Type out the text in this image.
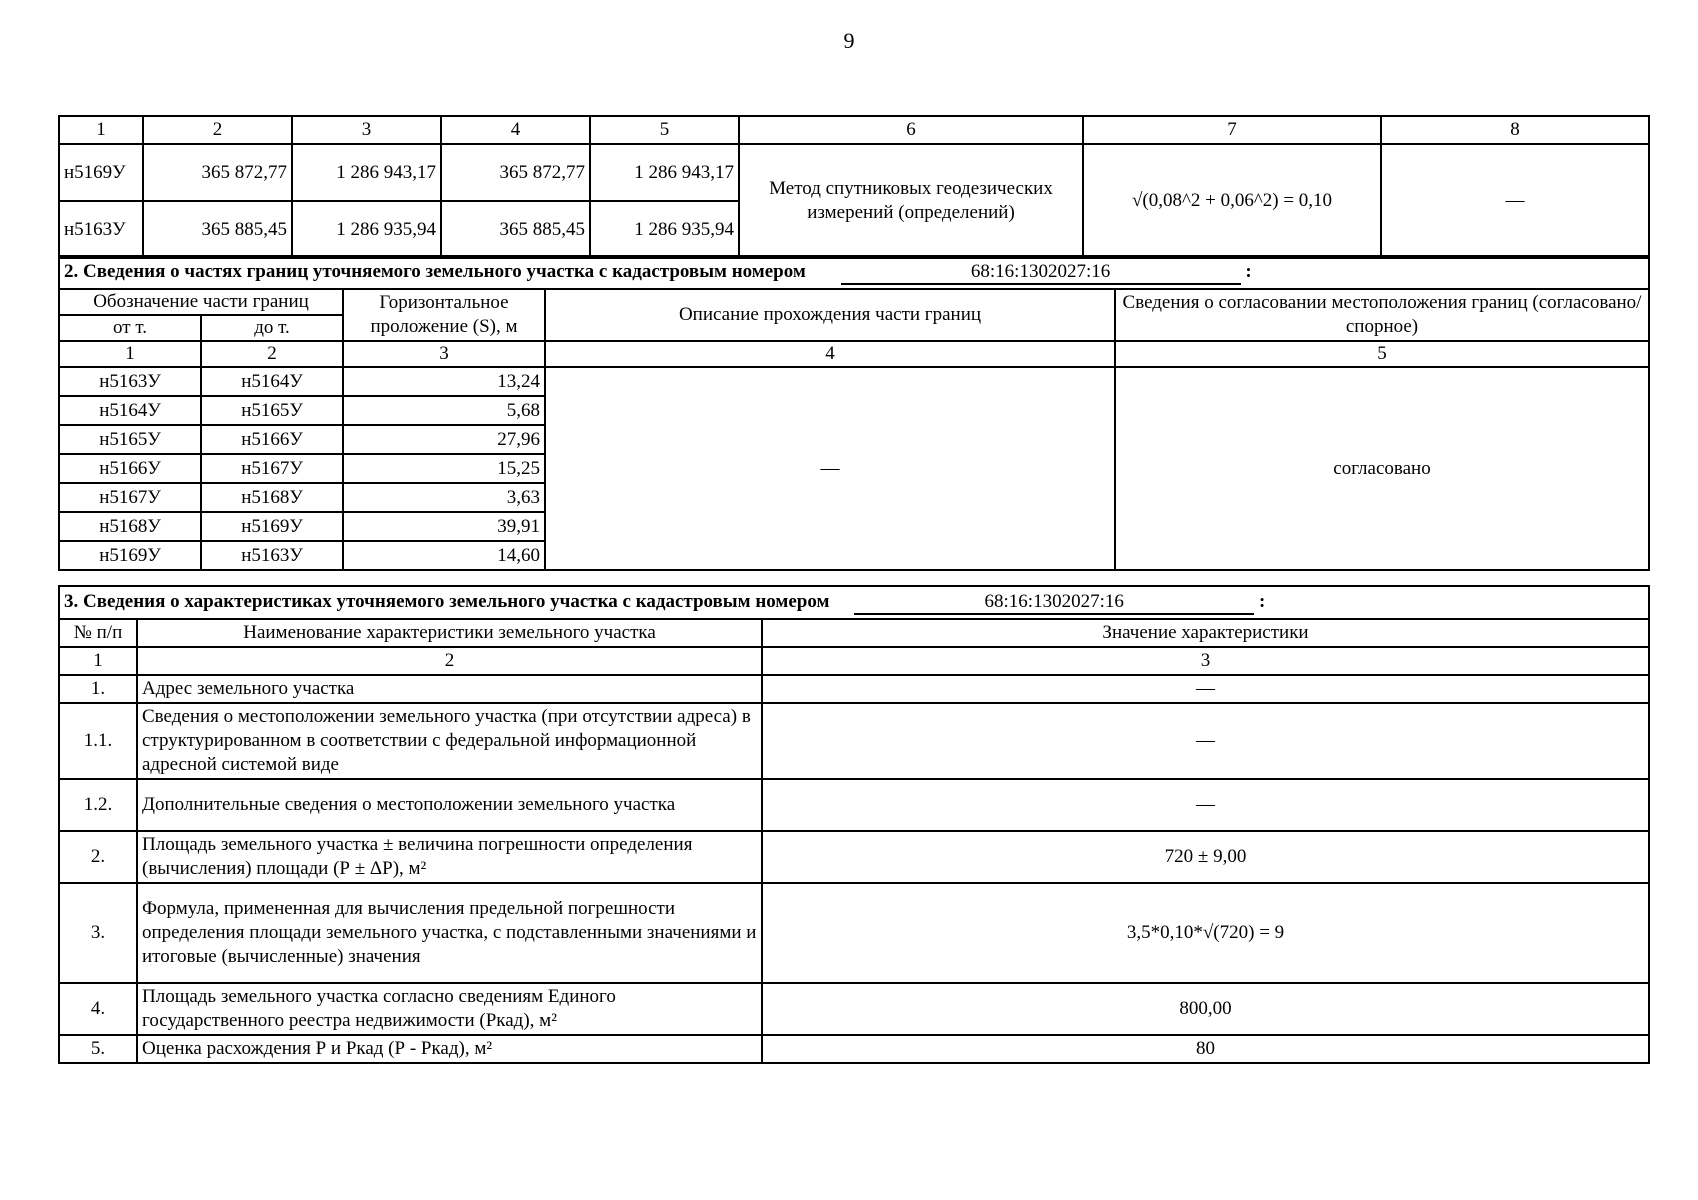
9
1	2	3	4	5	6	7	8
н5169У	365 872,77	1 286 943,17	365 872,77	1 286 943,17	Метод спутниковых геодезических измерений (определений)	√(0,08^2 + 0,06^2) = 0,10	—
н5163У	365 885,45	1 286 935,94	365 885,45	1 286 935,94			
2. Сведения о частях границ уточняемого земельного участка с кадастровым номером 68:16:1302027:16 :				
Обозначение части границ		Горизонтальное проложение (S), м	Описание прохождения части границ	Сведения о согласовании местоположения границ (согласовано/спорное)
от т.	до т.			
1	2	3	4	5
н5163У	н5164У	13,24	—	согласовано
н5164У	н5165У	5,68		
н5165У	н5166У	27,96		
н5166У	н5167У	15,25		
н5167У	н5168У	3,63		
н5168У	н5169У	39,91		
н5169У	н5163У	14,60		
3. Сведения о характеристиках уточняемого земельного участка с кадастровым номером 68:16:1302027:16 :		
№ п/п	Наименование характеристики земельного участка	Значение характеристики
1	2	3
1.	Адрес земельного участка	—
1.1.	Сведения о местоположении земельного участка (при отсутствии адреса) в структурированном в соответствии с федеральной информационной адресной системой виде	—
1.2.	Дополнительные сведения о местоположении земельного участка	—
2.	Площадь земельного участка ± величина погрешности определения (вычисления) площади (Р ± ΔР), м²	720 ± 9,00
3.	Формула, примененная для вычисления предельной погрешности определения площади земельного участка, с подставленными значениями и итоговые (вычисленные) значения	3,5*0,10*√(720) = 9
4.	Площадь земельного участка согласно сведениям Единого государственного реестра недвижимости (Ркад), м²	800,00
5.	Оценка расхождения Р и Ркад (Р - Ркад), м²	80
